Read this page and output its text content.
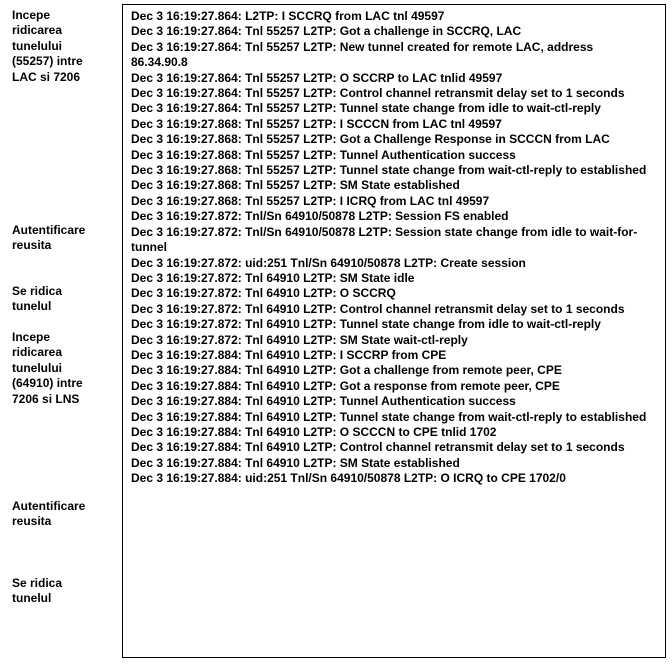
Incepe
ridicarea
tunelului
(55257) intre
LAC si 7206
Autentificare
reusita
Se ridica
tunelul
Incepe
ridicarea
tunelului
(64910) intre
7206 si LNS
Autentificare
reusita
Se ridica
tunelul
Dec 3 16:19:27.864: L2TP: I SCCRQ from LAC tnl 49597
Dec 3 16:19:27.864: Tnl 55257 L2TP: Got a challenge in SCCRQ, LAC
Dec 3 16:19:27.864: Tnl 55257 L2TP: New tunnel created for remote LAC, address 86.34.90.8
Dec 3 16:19:27.864: Tnl 55257 L2TP: O SCCRP to LAC tnlid 49597
Dec 3 16:19:27.864: Tnl 55257 L2TP: Control channel retransmit delay set to 1 seconds
Dec 3 16:19:27.864: Tnl 55257 L2TP: Tunnel state change from idle to wait-ctl-reply
Dec 3 16:19:27.868: Tnl 55257 L2TP: I SCCCN from LAC tnl 49597
Dec 3 16:19:27.868: Tnl 55257 L2TP: Got a Challenge Response in SCCCN from LAC
Dec 3 16:19:27.868: Tnl 55257 L2TP: Tunnel Authentication success
Dec 3 16:19:27.868: Tnl 55257 L2TP: Tunnel state change from wait-ctl-reply to established
Dec 3 16:19:27.868: Tnl 55257 L2TP: SM State established
Dec 3 16:19:27.868: Tnl 55257 L2TP: I ICRQ from LAC tnl 49597
Dec 3 16:19:27.872: Tnl/Sn 64910/50878 L2TP: Session FS enabled
Dec 3 16:19:27.872: Tnl/Sn 64910/50878 L2TP: Session state change from idle to wait-for-tunnel
Dec 3 16:19:27.872: uid:251 Tnl/Sn 64910/50878 L2TP: Create session
Dec 3 16:19:27.872: Tnl 64910 L2TP: SM State idle
Dec 3 16:19:27.872: Tnl 64910 L2TP: O SCCRQ
Dec 3 16:19:27.872: Tnl 64910 L2TP: Control channel retransmit delay set to 1 seconds
Dec 3 16:19:27.872: Tnl 64910 L2TP: Tunnel state change from idle to wait-ctl-reply
Dec 3 16:19:27.872: Tnl 64910 L2TP: SM State wait-ctl-reply
Dec 3 16:19:27.884: Tnl 64910 L2TP: I SCCRP from CPE
Dec 3 16:19:27.884: Tnl 64910 L2TP: Got a challenge from remote peer, CPE
Dec 3 16:19:27.884: Tnl 64910 L2TP: Got a response from remote peer, CPE
Dec 3 16:19:27.884: Tnl 64910 L2TP: Tunnel Authentication success
Dec 3 16:19:27.884: Tnl 64910 L2TP: Tunnel state change from wait-ctl-reply to established
Dec 3 16:19:27.884: Tnl 64910 L2TP: O SCCCN to CPE tnlid 1702
Dec 3 16:19:27.884: Tnl 64910 L2TP: Control channel retransmit delay set to 1 seconds
Dec 3 16:19:27.884: Tnl 64910 L2TP: SM State established
Dec 3 16:19:27.884: uid:251 Tnl/Sn 64910/50878 L2TP: O ICRQ to CPE 1702/0
